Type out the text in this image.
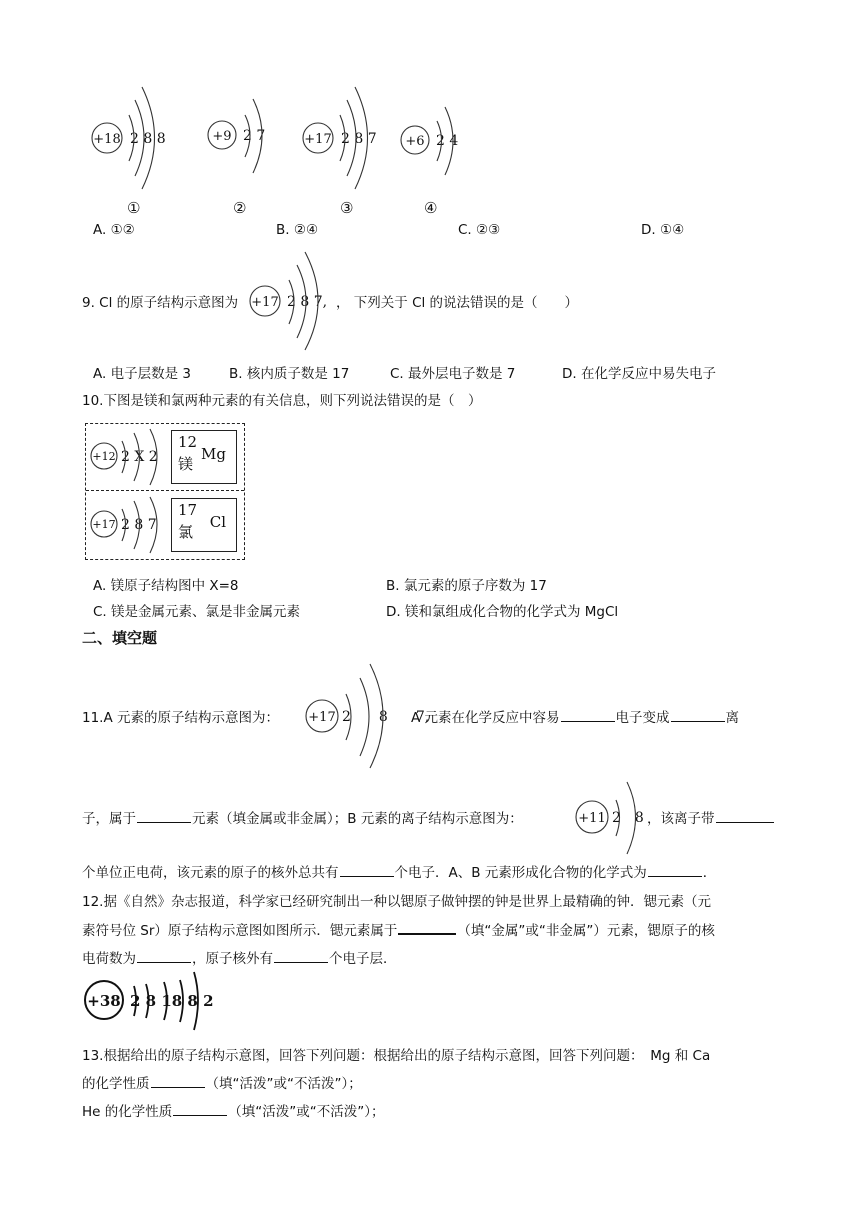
+18 2 8 8	+9 2 7	+17 2 8 7 +6 2 4
①	②	③	④
A. ①②	B. ②④	C. ②③	D. ①④
9. Cl 的原子结构示意图为 +17 2 8 7, ， 下列关于 Cl 的说法错误的是（　　）
A. 电子层数是 3	B. 核内质子数是 17	C. 最外层电子数是 7	D. 在化学反应中易失电子
10.下图是镁和氯两种元素的有关信息，则下列说法错误的是（　）
+12 2 X 2
12
Mg
镁
+17 2 8 7
17
Cl
氯
A. 镁原子结构图中 X=8	B. 氯元素的原子序数为 17
C. 镁是金属元素、氯是非金属元素	D. 镁和氯组成化合物的化学式为 MgCl
二、填空题
11.A 元素的原子结构示意图为： +17 2　　8　　7,
A 元素在化学反应中容易	电子变成	离
子，属于	元素（填金属或非金属）；B 元素的离子结构示意图为：	+11 2　8 ，该离子带
个单位正电荷，该元素的原子的核外总共有	个电子．A、B 元素形成化合物的化学式为	．
12.据《自然》杂志报道，科学家已经研究制出一种以锶原子做钟摆的钟是世界上最精确的钟．锶元素（元
素符号位 Sr）原子结构示意图如图所示．锶元素属于	（填“金属”或“非金属”）元素，锶原子的核
电荷数为	，原子核外有	个电子层．
+38 2 8 18 8 2
13.根据给出的原子结构示意图，回答下列问题：根据给出的原子结构示意图，回答下列问题：　Mg 和 Ca
的化学性质	（填“活泼”或“不活泼”）；
He 的化学性质	（填“活泼”或“不活泼”）；
